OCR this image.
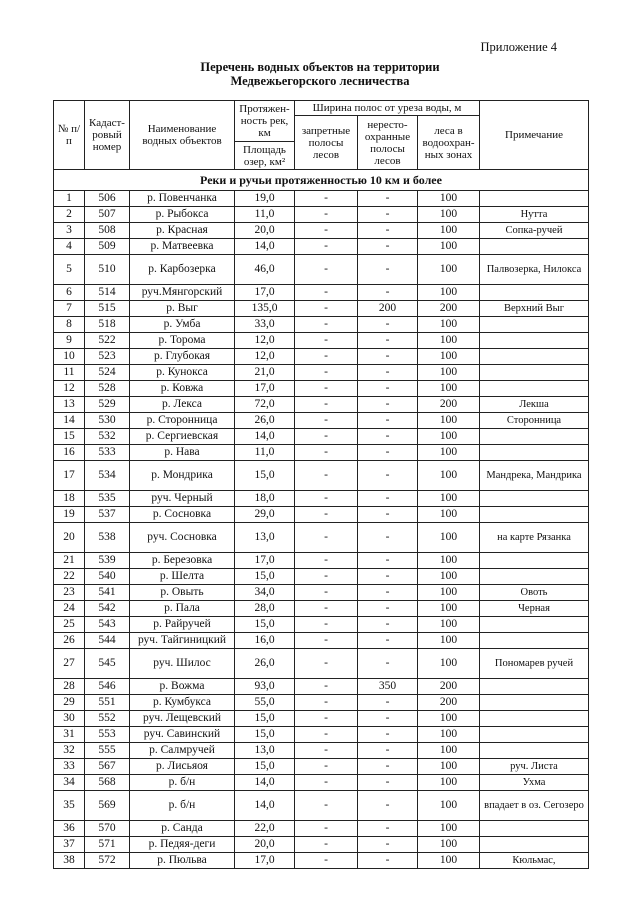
Приложение 4
Перечень водных объектов на территории
Медвежьегорского лесничества
№ п/п	Кадаст-ровый номер	Наименование водных объектов	Протяжен-ность рек, км	Ширина полос от уреза воды, м			Примечание
				запретные полосы лесов	нересто-охранные полосы лесов	леса в водоохран-ных зонах	
			Площадь озер, км²				
Реки и ручьи протяженностью 10 км и более							
1	506	р. Повенчанка	19,0	-	-	100	
2	507	р. Рыбокса	11,0	-	-	100	Нутта
3	508	р. Красная	20,0	-	-	100	Сопка-ручей
4	509	р. Матвеевка	14,0	-	-	100	
5	510	р. Карбозерка	46,0	-	-	100	Палвозерка, Нилокса
6	514	руч.Мянгорский	17,0	-	-	100	
7	515	р. Выг	135,0	-	200	200	Верхний Выг
8	518	р. Умба	33,0	-	-	100	
9	522	р. Торома	12,0	-	-	100	
10	523	р. Глубокая	12,0	-	-	100	
11	524	р. Кунокса	21,0	-	-	100	
12	528	р. Ковжа	17,0	-	-	100	
13	529	р. Лекса	72,0	-	-	200	Лекша
14	530	р. Сторонница	26,0	-	-	100	Сторонница
15	532	р. Сергиевская	14,0	-	-	100	
16	533	р. Нава	11,0	-	-	100	
17	534	р. Мондрика	15,0	-	-	100	Мандрека, Мандрика
18	535	руч. Черный	18,0	-	-	100	
19	537	р. Сосновка	29,0	-	-	100	
20	538	руч. Сосновка	13,0	-	-	100	на карте Рязанка
21	539	р. Березовка	17,0	-	-	100	
22	540	р. Шелта	15,0	-	-	100	
23	541	р. Овыть	34,0	-	-	100	Овоть
24	542	р. Пала	28,0	-	-	100	Черная
25	543	р. Райручей	15,0	-	-	100	
26	544	руч. Тайгиницкий	16,0	-	-	100	
27	545	руч. Шилос	26,0	-	-	100	Пономарев ручей
28	546	р. Вожма	93,0	-	350	200	
29	551	р. Кумбукса	55,0	-	-	200	
30	552	руч. Лещевский	15,0	-	-	100	
31	553	руч. Савинский	15,0	-	-	100	
32	555	р. Салмручей	13,0	-	-	100	
33	567	р. Лисьяоя	15,0	-	-	100	руч. Листа
34	568	р. б/н	14,0	-	-	100	Ухма
35	569	р. б/н	14,0	-	-	100	впадает в оз. Сегозеро
36	570	р. Санда	22,0	-	-	100	
37	571	р. Педяя-деги	20,0	-	-	100	
38	572	р. Пюльва	17,0	-	-	100	Кюльмас,
